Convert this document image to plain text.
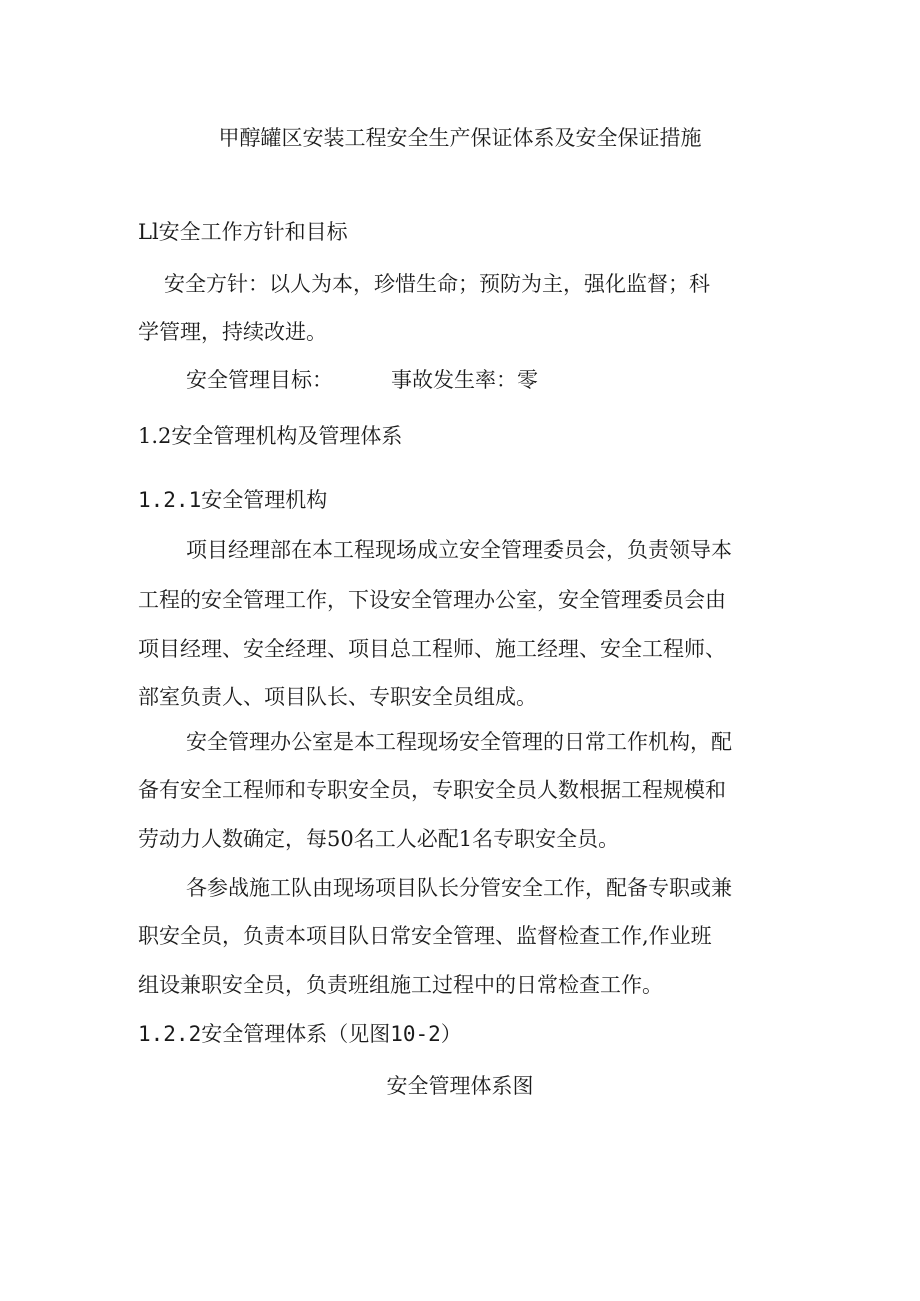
甲醇罐区安装工程安全生产保证体系及安全保证措施
Ll安全工作方针和目标
安全方针：以人为本，珍惜生命；预防为主，强化监督；科
学管理，持续改进。
安全管理目标：	事故发生率：零
1.2安全管理机构及管理体系
1.2.1安全管理机构
项目经理部在本工程现场成立安全管理委员会，负责领导本
工程的安全管理工作，下设安全管理办公室，安全管理委员会由
项目经理、安全经理、项目总工程师、施工经理、安全工程师、
部室负责人、项目队长、专职安全员组成。
安全管理办公室是本工程现场安全管理的日常工作机构，配
备有安全工程师和专职安全员，专职安全员人数根据工程规模和
劳动力人数确定，每50名工人必配1名专职安全员。
各参战施工队由现场项目队长分管安全工作，配备专职或兼
职安全员，负责本项目队日常安全管理、监督检查工作,作业班
组设兼职安全员，负责班组施工过程中的日常检查工作。
1.2.2安全管理体系（见图10-2）
安全管理体系图
